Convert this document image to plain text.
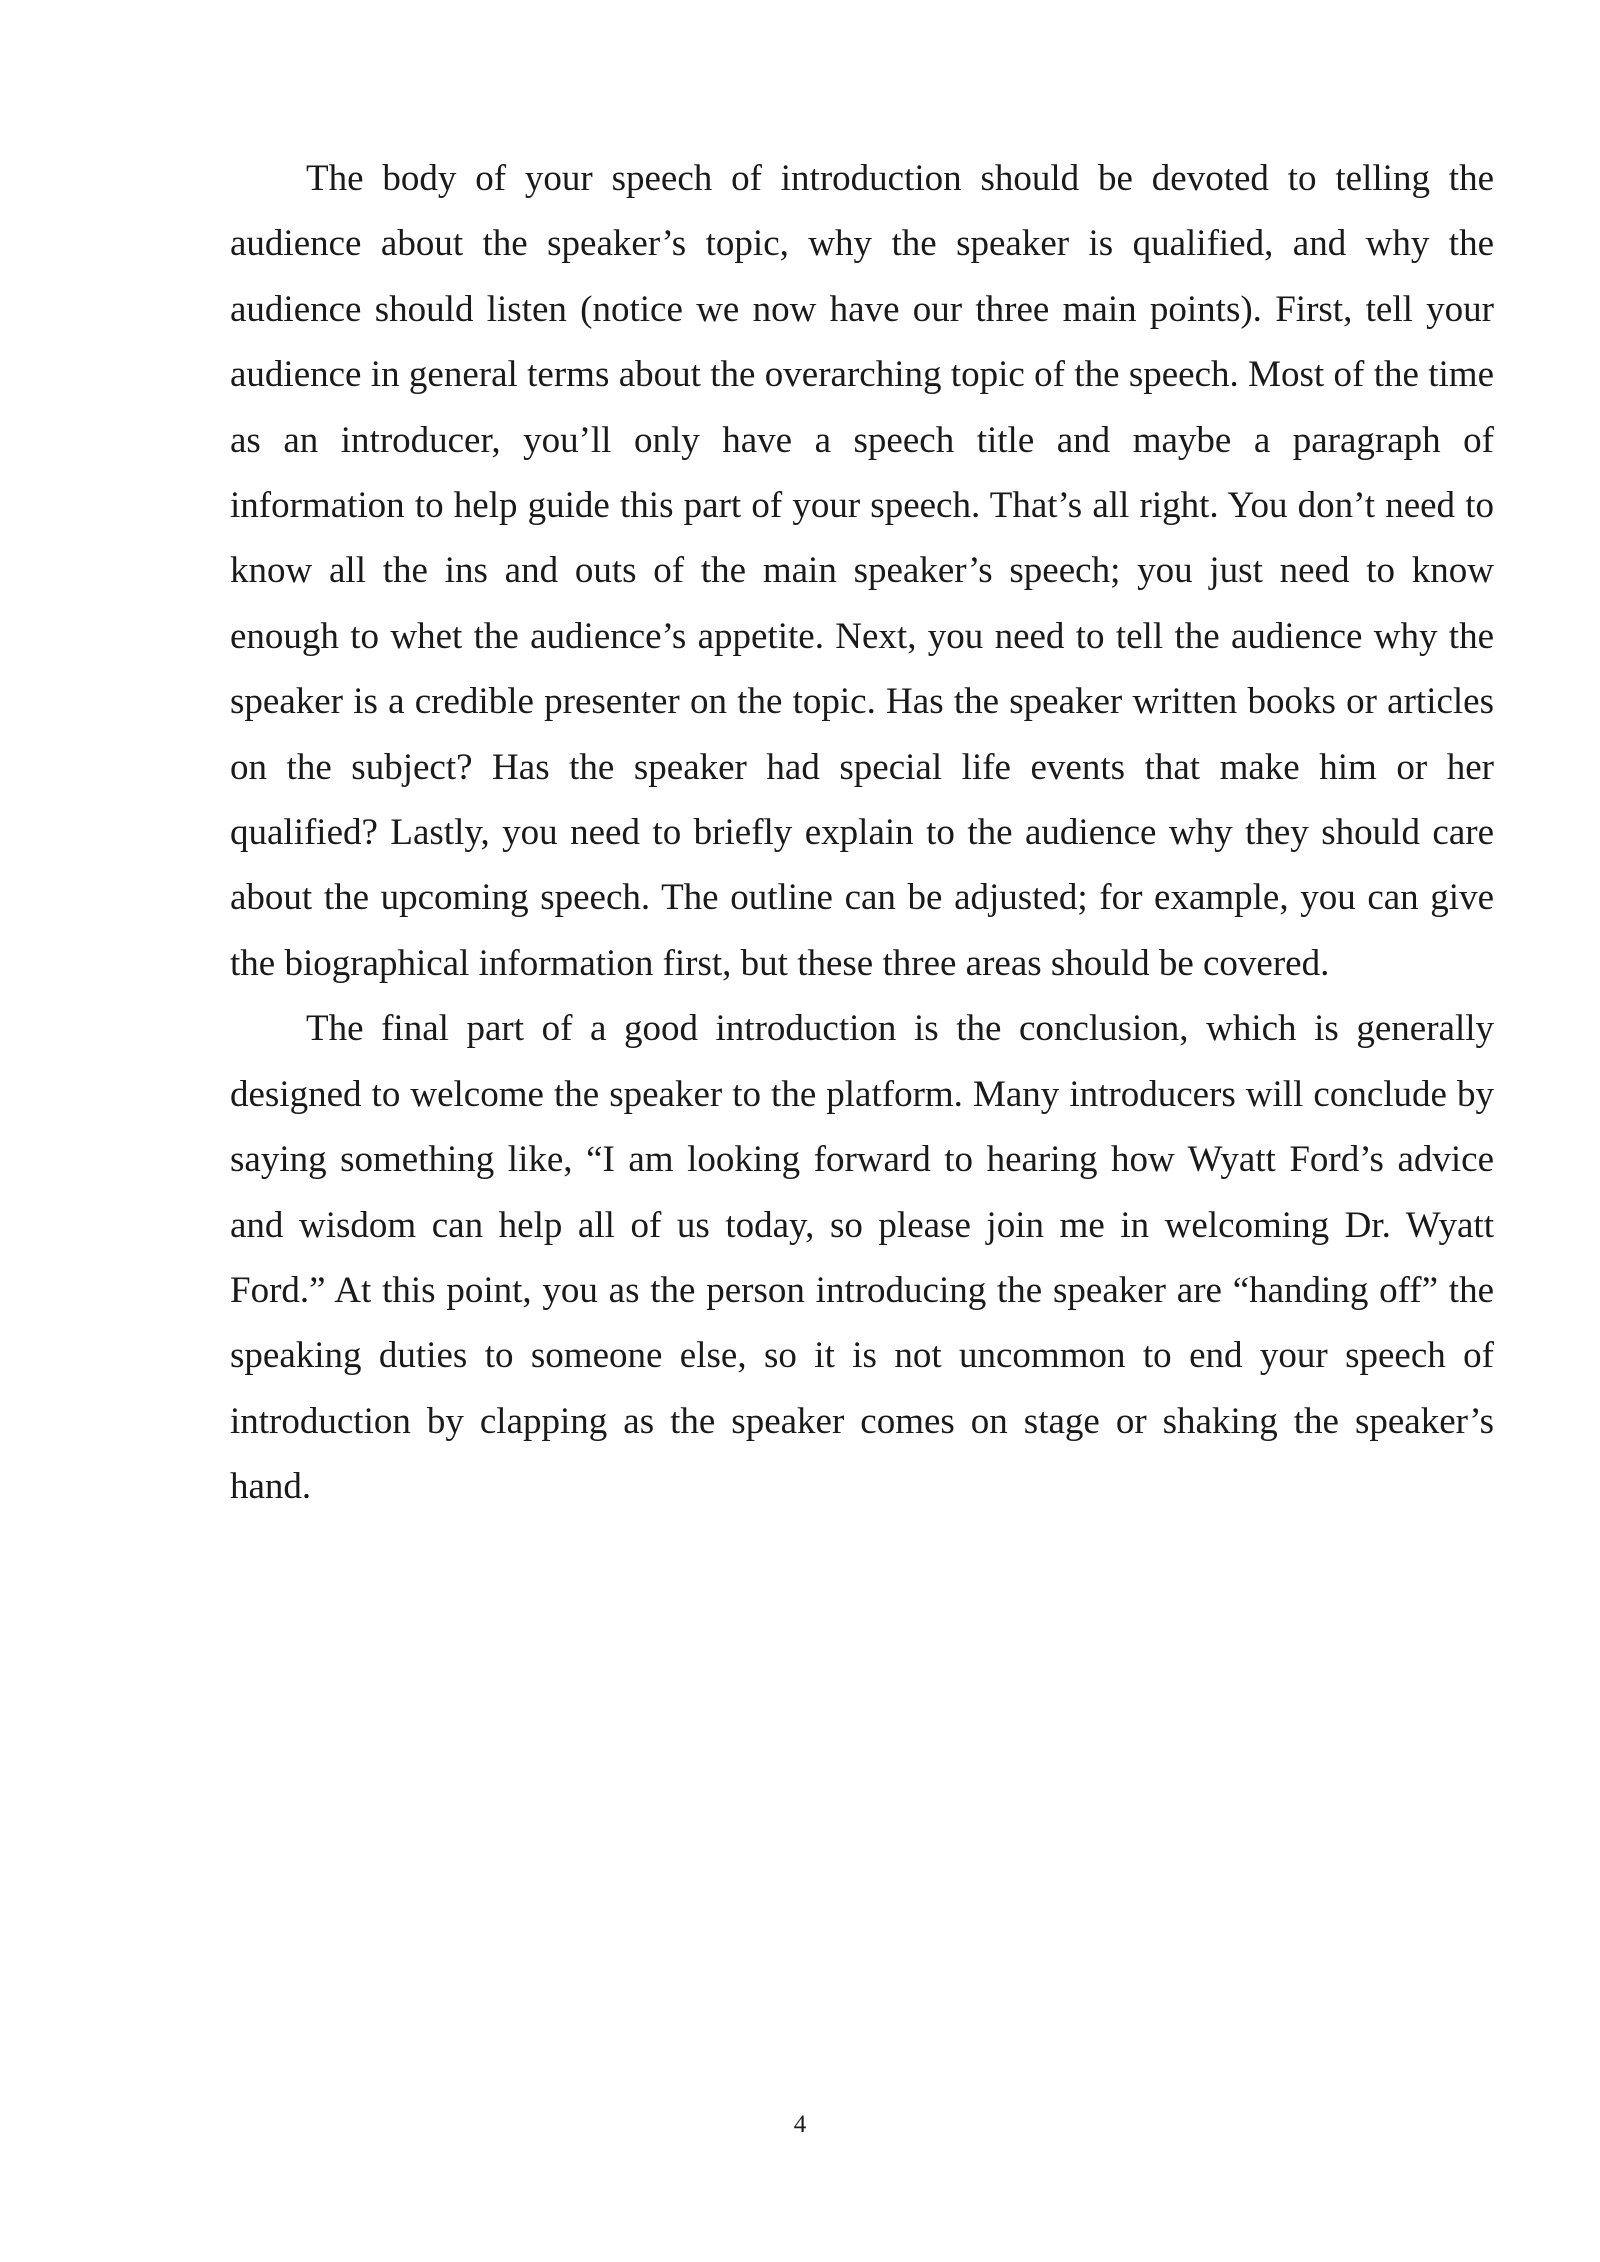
The body of your speech of introduction should be devoted to telling the audience about the speaker’s topic, why the speaker is qualified, and why the audience should listen (notice we now have our three main points). First, tell your audience in general terms about the overarching topic of the speech. Most of the time as an introducer, you’ll only have a speech title and maybe a paragraph of information to help guide this part of your speech. That’s all right. You don’t need to know all the ins and outs of the main speaker’s speech; you just need to know enough to whet the audience’s appetite. Next, you need to tell the audience why the speaker is a credible presenter on the topic. Has the speaker written books or articles on the subject? Has the speaker had special life events that make him or her qualified? Lastly, you need to briefly explain to the audience why they should care about the upcoming speech. The outline can be adjusted; for example, you can give the biographical information first, but these three areas should be covered.

The final part of a good introduction is the conclusion, which is generally designed to welcome the speaker to the platform. Many introducers will conclude by saying something like, “I am looking forward to hearing how Wyatt Ford’s advice and wisdom can help all of us today, so please join me in welcoming Dr. Wyatt Ford.” At this point, you as the person introducing the speaker are “handing off” the speaking duties to someone else, so it is not uncommon to end your speech of introduction by clapping as the speaker comes on stage or shaking the speaker’s hand.

4
